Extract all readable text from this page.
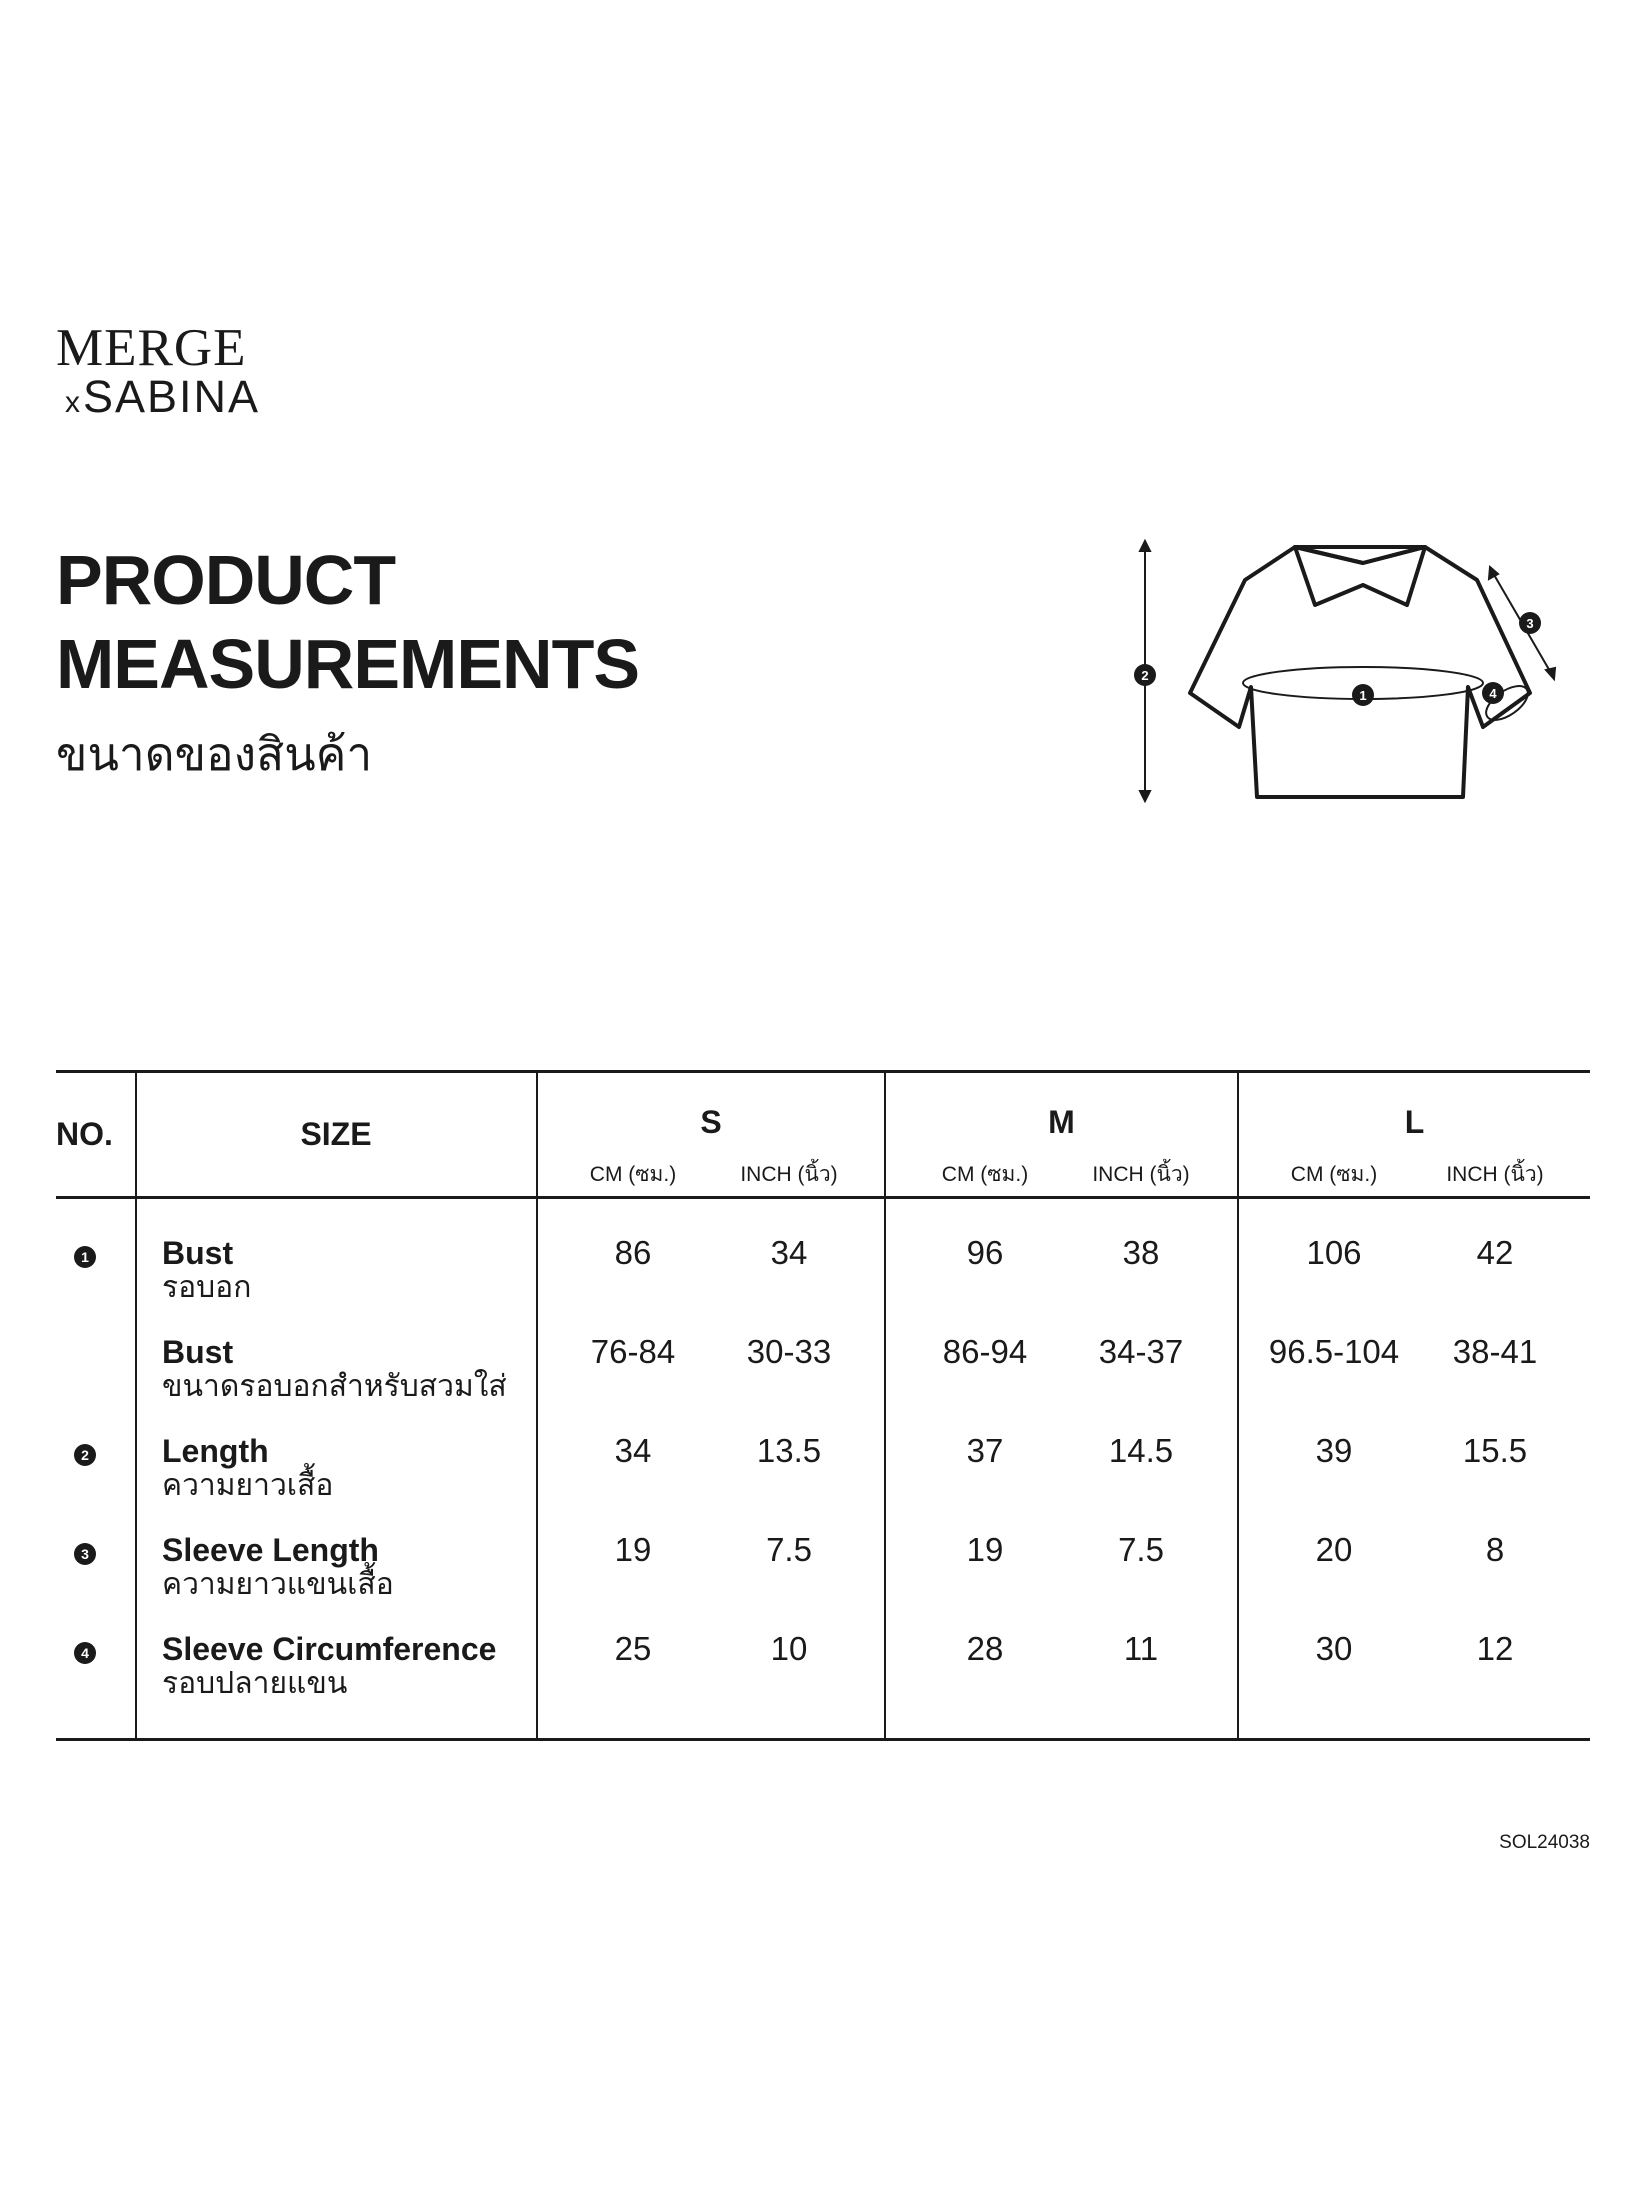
MERGE
x SABINA
PRODUCT
MEASUREMENTS
ขนาดของสินค้า
1
2
3
4
NO.	SIZE	S
CM (ซม.)	INCH (นิ้ว)
M
CM (ซม.)	INCH (นิ้ว)
L
CM (ซม.)	INCH (นิ้ว)
1 Bust
รอบอก
86	34	96	38	106	42
Bust
ขนาดรอบอกสำหรับสวมใส่
76-84	30-33	86-94	34-37	96.5-104	38-41
2 Length
ความยาวเสื้อ
34	13.5	37	14.5	39	15.5
3 Sleeve Length
ความยาวแขนเสื้อ
19	7.5	19	7.5	20	8
4 Sleeve Circumference
รอบปลายแขน
25	10	28	11	30	12
SOL24038
